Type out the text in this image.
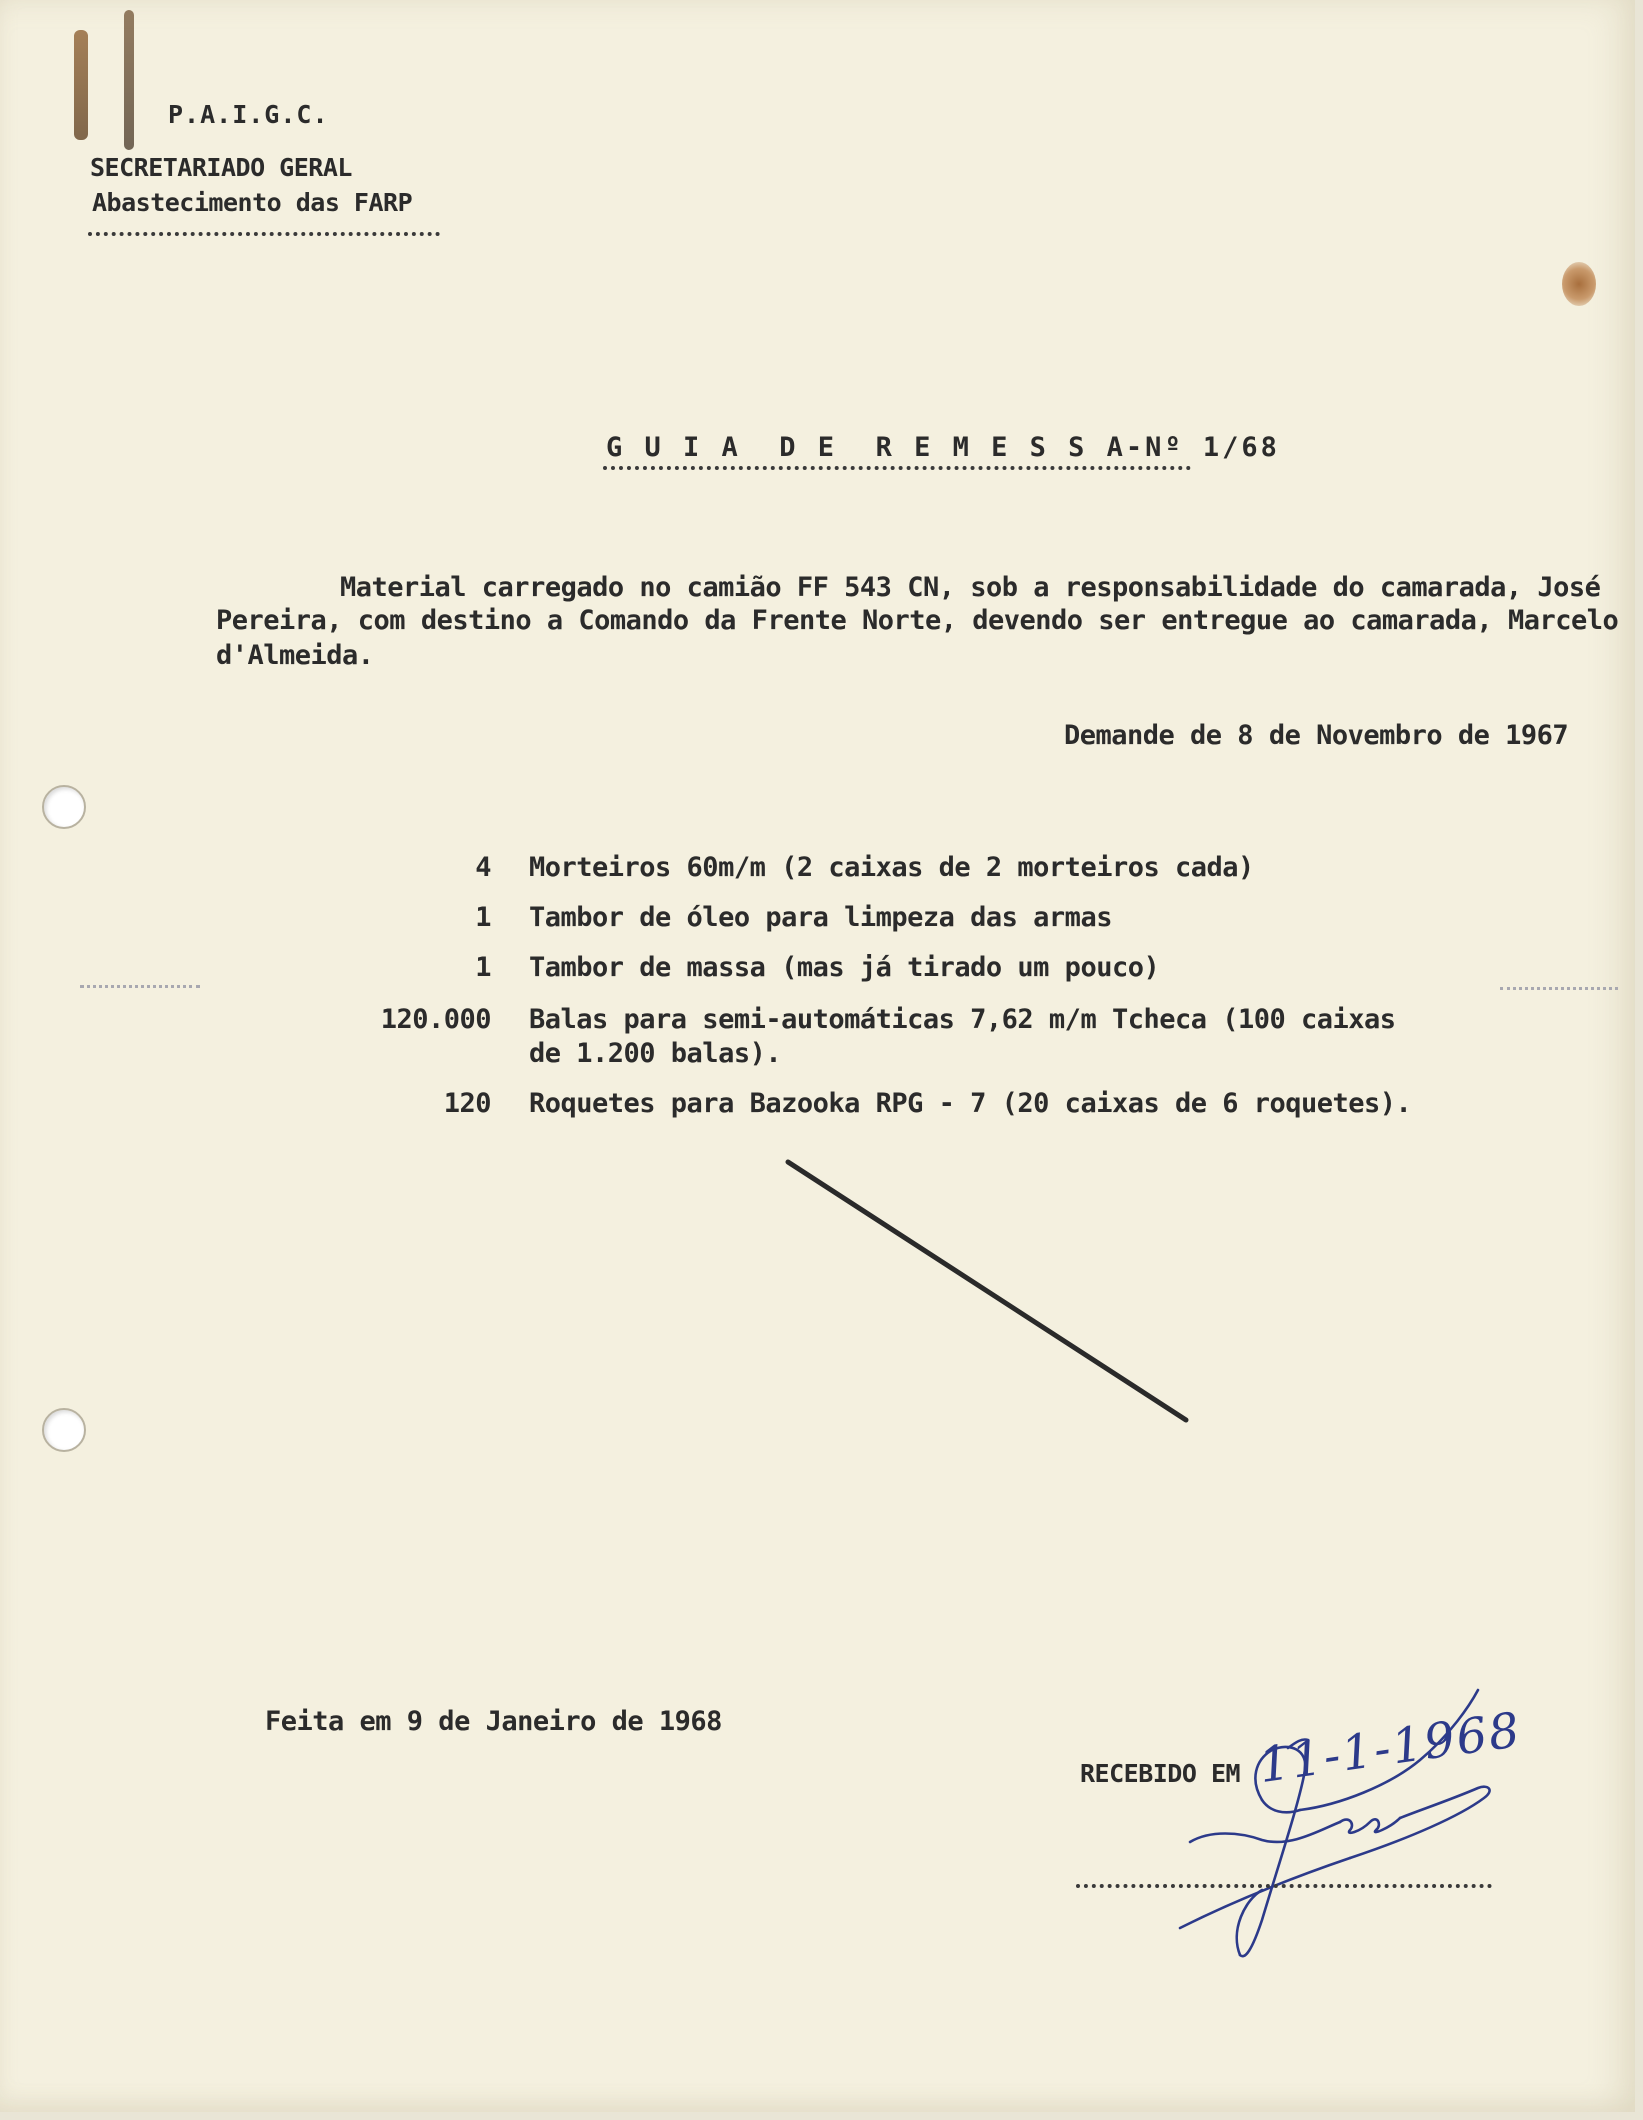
P.A.I.G.C.
SECRETARIADO GERAL
Abastecimento das FARP
G U I A  D E  R E M E S S A-Nº 1/68
Material carregado no camião FF 543 CN, sob a responsabilidade do camarada, José
Pereira, com destino a Comando da Frente Norte, devendo ser entregue ao camarada, Marcelo
d'Almeida.
Demande de 8 de Novembro de 1967
4 Morteiros 60m/m (2 caixas de 2 morteiros cada)
1 Tambor de óleo para limpeza das armas
1 Tambor de massa (mas já tirado um pouco)
120.000 Balas para semi-automáticas 7,62 m/m Tcheca (100 caixas
de 1.200 balas).
120 Roquetes para Bazooka RPG - 7 (20 caixas de 6 roquetes).
Feita em 9 de Janeiro de 1968
RECEBIDO EM 11-1-1968
